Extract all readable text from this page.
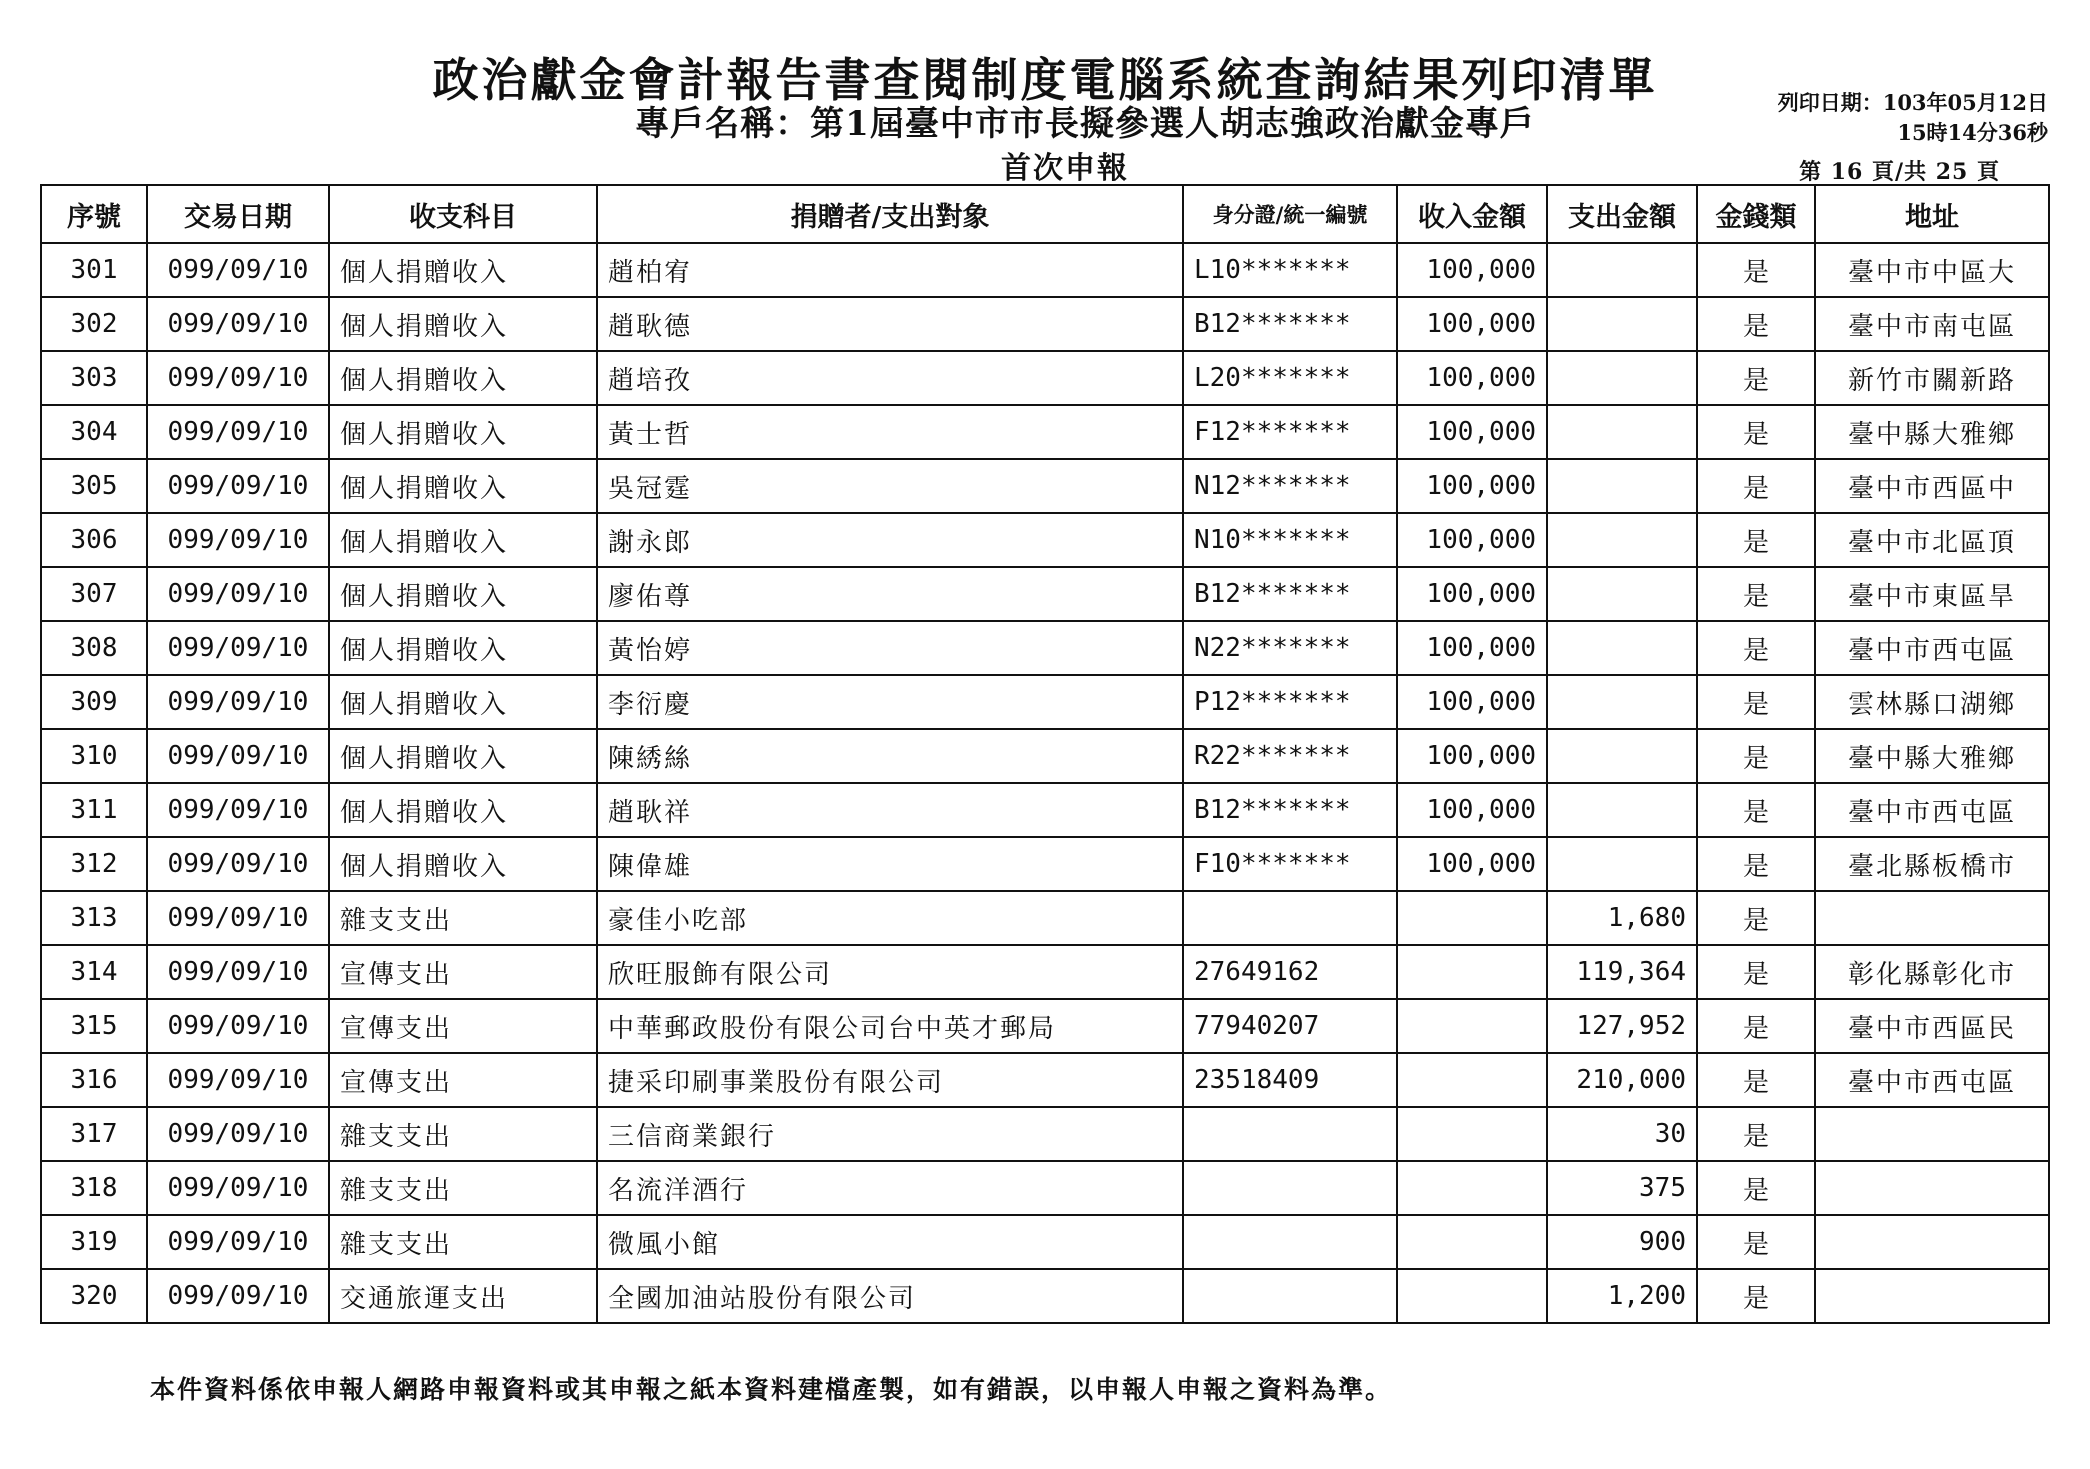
政治獻金會計報告書查閱制度電腦系統查詢結果列印清單
專戶名稱：第1屆臺中市市長擬參選人胡志強政治獻金專戶
首次申報
列印日期：103年05月12日
15時14分36秒
第 16 頁/共 25 頁
序號	交易日期	收支科目	捐贈者/支出對象	身分證/統一編號	收入金額	支出金額	金錢類	地址
301	099/09/10	個人捐贈收入	趙柏宥	L10*******	100,000		是	臺中市中區大
302	099/09/10	個人捐贈收入	趙耿德	B12*******	100,000		是	臺中市南屯區
303	099/09/10	個人捐贈收入	趙培孜	L20*******	100,000		是	新竹市關新路
304	099/09/10	個人捐贈收入	黃士哲	F12*******	100,000		是	臺中縣大雅鄉
305	099/09/10	個人捐贈收入	吳冠霆	N12*******	100,000		是	臺中市西區中
306	099/09/10	個人捐贈收入	謝永郎	N10*******	100,000		是	臺中市北區頂
307	099/09/10	個人捐贈收入	廖佑尊	B12*******	100,000		是	臺中市東區旱
308	099/09/10	個人捐贈收入	黃怡婷	N22*******	100,000		是	臺中市西屯區
309	099/09/10	個人捐贈收入	李衍慶	P12*******	100,000		是	雲林縣口湖鄉
310	099/09/10	個人捐贈收入	陳綉絲	R22*******	100,000		是	臺中縣大雅鄉
311	099/09/10	個人捐贈收入	趙耿祥	B12*******	100,000		是	臺中市西屯區
312	099/09/10	個人捐贈收入	陳偉雄	F10*******	100,000		是	臺北縣板橋市
313	099/09/10	雜支支出	豪佳小吃部			1,680	是	
314	099/09/10	宣傳支出	欣旺服飾有限公司	27649162		119,364	是	彰化縣彰化市
315	099/09/10	宣傳支出	中華郵政股份有限公司台中英才郵局	77940207		127,952	是	臺中市西區民
316	099/09/10	宣傳支出	捷采印刷事業股份有限公司	23518409		210,000	是	臺中市西屯區
317	099/09/10	雜支支出	三信商業銀行			30	是	
318	099/09/10	雜支支出	名流洋酒行			375	是	
319	099/09/10	雜支支出	微風小館			900	是	
320	099/09/10	交通旅運支出	全國加油站股份有限公司			1,200	是	
本件資料係依申報人網路申報資料或其申報之紙本資料建檔產製，如有錯誤，以申報人申報之資料為準。
